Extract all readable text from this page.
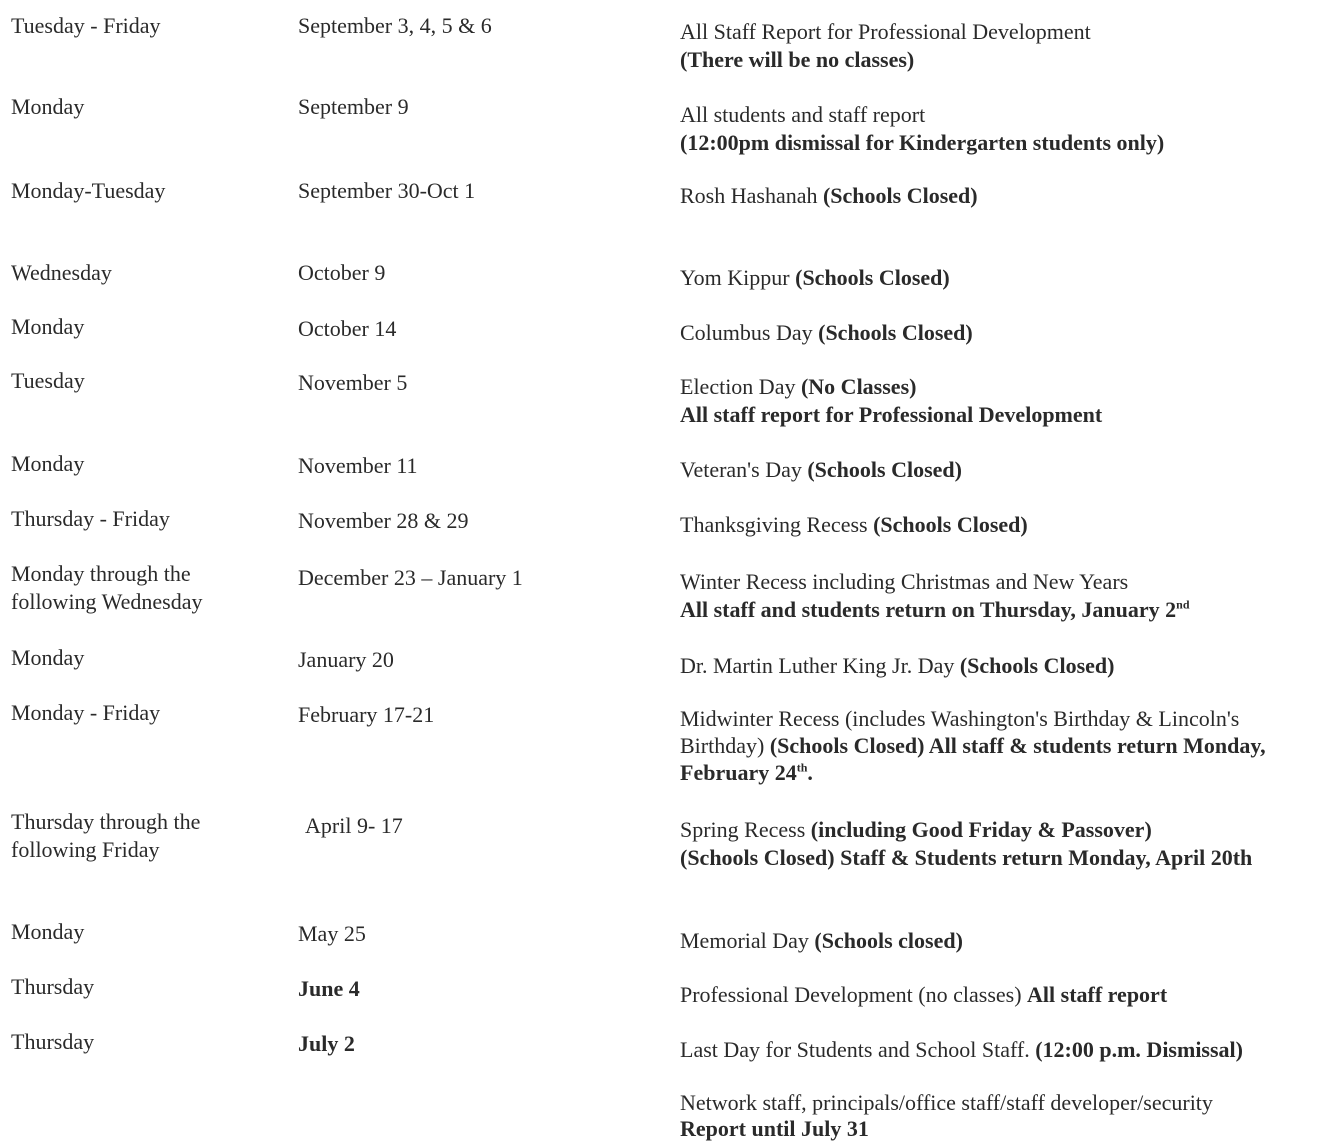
Tuesday - Friday	September 3, 4, 5 & 6	All Staff Report for Professional Development
(There will be no classes)
Monday	September 9	All students and staff report
(12:00pm dismissal for Kindergarten students only)
Monday-Tuesday	September 30-Oct 1	Rosh Hashanah (Schools Closed)
Wednesday	October 9	Yom Kippur (Schools Closed)
Monday	October 14	Columbus Day (Schools Closed)
Tuesday	November 5	Election Day (No Classes)
All staff report for Professional Development
Monday	November 11	Veteran's Day (Schools Closed)
Thursday - Friday	November 28 & 29	Thanksgiving Recess (Schools Closed)
Monday through the
following Wednesday
December 23 – January 1	Winter Recess including Christmas and New Years
All staff and students return on Thursday, January 2nd
Monday	January 20	Dr. Martin Luther King Jr. Day (Schools Closed)
Monday - Friday	February 17-21	Midwinter Recess (includes Washington's Birthday & Lincoln's Birthday) (Schools Closed) All staff & students return Monday, February 24th.
Thursday through the
following Friday
April 9- 17	Spring Recess (including Good Friday & Passover)
(Schools Closed) Staff & Students return Monday, April 20th
Monday	May 25	Memorial Day (Schools closed)
Thursday	June 4	Professional Development (no classes) All staff report
Thursday	July 2	Last Day for Students and School Staff. (12:00 p.m. Dismissal)
Network staff, principals/office staff/staff developer/security
Report until July 31
